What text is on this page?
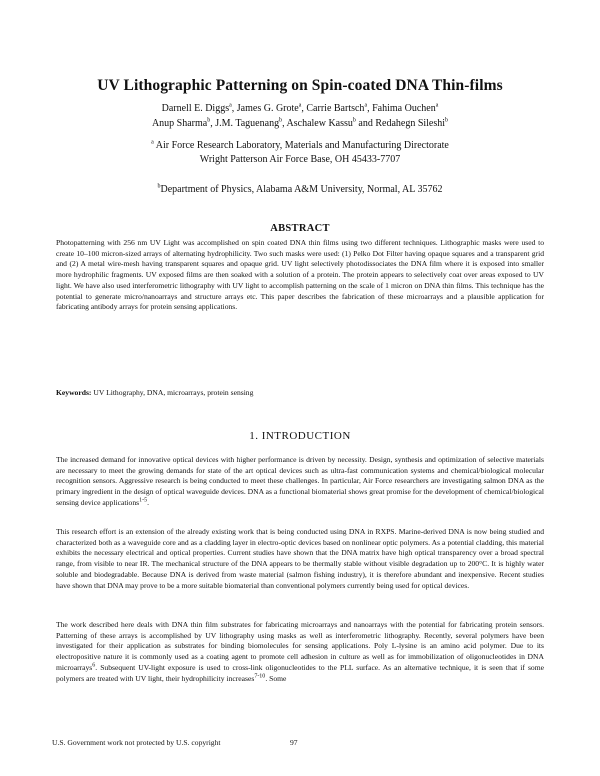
UV Lithographic Patterning on Spin-coated DNA Thin-films
Darnell E. Diggs$^a$, James G. Grote$^a$, Carrie Bartsch$^a$, Fahima Ouchen$^a$
Anup Sharma$^b$, J.M. Taguenang$^b$, Aschalew Kassu$^b$ and Redahegn Sileshi$^b$
$^a$ Air Force Research Laboratory, Materials and Manufacturing Directorate
Wright Patterson Air Force Base, OH 45433-7707
$^b$Department of Physics, Alabama A&M University, Normal, AL 35762
ABSTRACT
Photopatterning with 256 nm UV Light was accomplished on spin coated DNA thin films using two different techniques. Lithographic masks were used to create 10–100 micron-sized arrays of alternating hydrophilicity. Two such masks were used: (1) Pelko Dot Filter having opaque squares and a transparent grid and (2) A metal wire-mesh having transparent squares and opaque grid. UV light selectively photodissociates the DNA film where it is exposed into smaller more hydrophilic fragments. UV exposed films are then soaked with a solution of a protein. The protein appears to selectively coat over areas exposed to UV light. We have also used interferometric lithography with UV light to accomplish patterning on the scale of 1 micron on DNA thin films. This technique has the potential to generate micro/nanoarrays and structure arrays etc. This paper describes the fabrication of these microarrays and a plausible application for fabricating antibody arrays for protein sensing applications.
Keywords: UV Lithography, DNA, microarrays, protein sensing
1. INTRODUCTION
The increased demand for innovative optical devices with higher performance is driven by necessity. Design, synthesis and optimization of selective materials are necessary to meet the growing demands for state of the art optical devices such as ultra-fast communication systems and chemical/biological molecular recognition sensors. Aggressive research is being conducted to meet these challenges. In particular, Air Force researchers are investigating salmon DNA as the primary ingredient in the design of optical waveguide devices. DNA as a functional biomaterial shows great promise for the development of chemical/biological sensing device applications$^{1-5}$.
This research effort is an extension of the already existing work that is being conducted using DNA in RXPS. Marine-derived DNA is now being studied and characterized both as a waveguide core and as a cladding layer in electro-optic devices based on nonlinear optic polymers. As a potential cladding, this material exhibits the necessary electrical and optical properties. Current studies have shown that the DNA matrix have high optical transparency over a broad spectral range, from visible to near IR. The mechanical structure of the DNA appears to be thermally stable without visible degradation up to 200°C. It is highly water soluble and biodegradable. Because DNA is derived from waste material (salmon fishing industry), it is therefore abundant and inexpensive. Recent studies have shown that DNA may prove to be a more suitable biomaterial than conventional polymers currently being used for optical devices.
The work described here deals with DNA thin film substrates for fabricating microarrays and nanoarrays with the potential for fabricating protein sensors. Patterning of these arrays is accomplished by UV lithography using masks as well as interferometric lithography. Recently, several polymers have been investigated for their application as substrates for binding biomolecules for sensing applications. Poly L-lysine is an amino acid polymer. Due to its electropositive nature it is commonly used as a coating agent to promote cell adhesion in culture as well as for immobilization of oligonucleotides in DNA microarrays$^6$. Subsequent UV-light exposure is used to cross-link oligonucleotides to the PLL surface. As an alternative technique, it is seen that if some polymers are treated with UV light, their hydrophilicity increases$^{7-10}$. Some
U.S. Government work not protected by U.S. copyright	97
